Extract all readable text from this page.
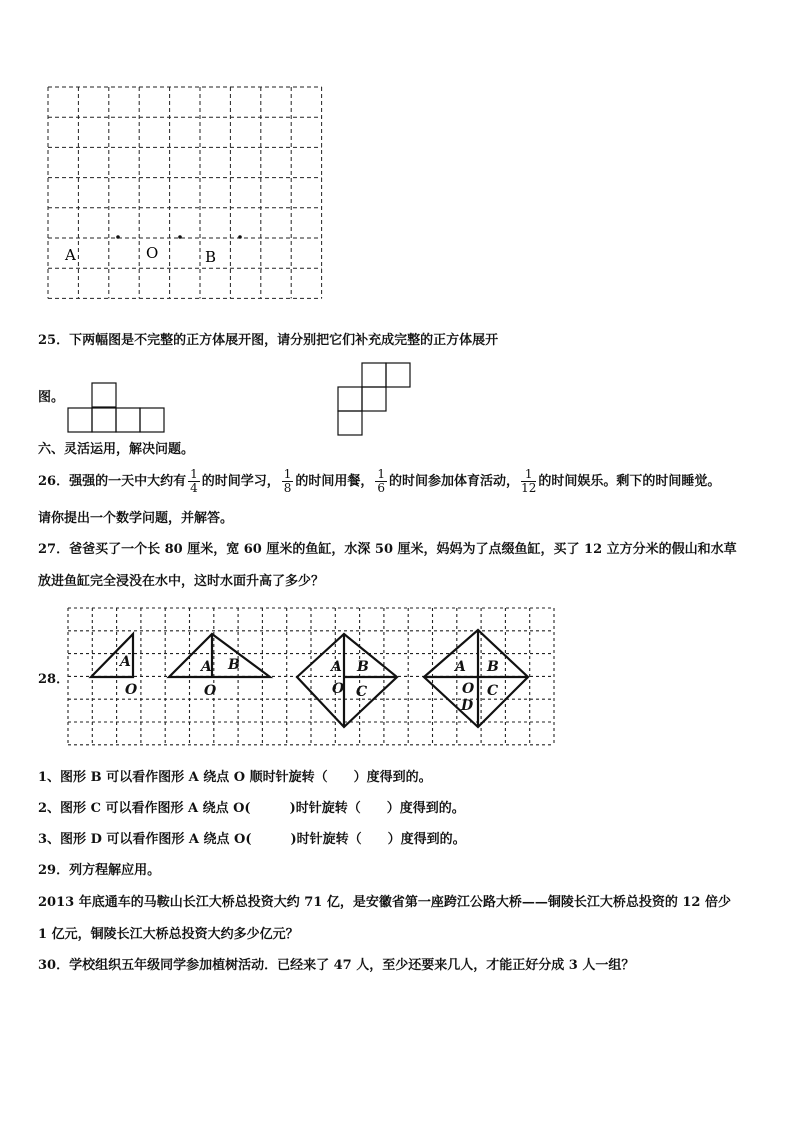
A	O	B
25．下两幅图是不完整的正方体展开图，请分别把它们补充成完整的正方体展开
图。
六、灵活运用，解决问题。
26．强强的一天中大约有 $\frac{1}{4}$ 的时间学习， $\frac{1}{8}$ 的时间用餐， $\frac{1}{6}$ 的时间参加体育活动， $\frac{1}{12}$ 的时间娱乐。剩下的时间睡觉。
请你提出一个数学问题，并解答。
27．爸爸买了一个长 80 厘米，宽 60 厘米的鱼缸，水深 50 厘米，妈妈为了点缀鱼缸，买了 12 立方分米的假山和水草
放进鱼缸完全浸没在水中，这时水面升高了多少？
28．
A
O
A B
O
A B
O C
A B
O C
D
1、图形 B 可以看作图形 A 绕点 O 顺时针旋转（　　）度得到的。
2、图形 C 可以看作图形 A 绕点 O(　　　)时针旋转（　　）度得到的。
3、图形 D 可以看作图形 A 绕点 O(　　　)时针旋转（　　）度得到的。
29．列方程解应用。
2013 年底通车的马鞍山长江大桥总投资大约 71 亿，是安徽省第一座跨江公路大桥——铜陵长江大桥总投资的 12 倍少
1 亿元，铜陵长江大桥总投资大约多少亿元？
30．学校组织五年级同学参加植树活动．已经来了 47 人，至少还要来几人，才能正好分成 3 人一组？
